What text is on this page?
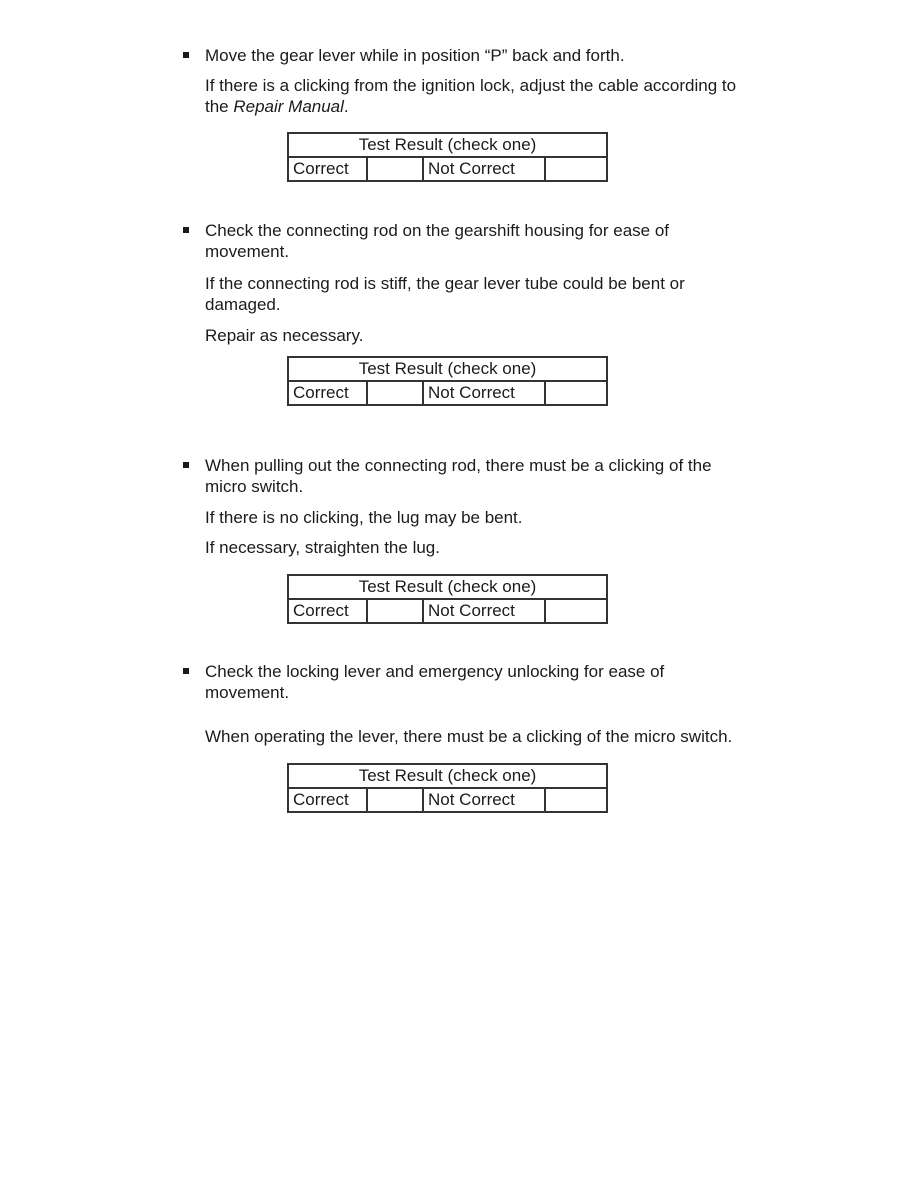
Move the gear lever while in position “P” back and forth.
If there is a clicking from the ignition lock, adjust the cable according to the Repair Manual.
Test Result (check one)
Correct		Not Correct	
Check the connecting rod on the gearshift housing for ease of movement.
If the connecting rod is stiff, the gear lever tube could be bent or damaged.
Repair as necessary.
Test Result (check one)
Correct		Not Correct	
When pulling out the connecting rod, there must be a clicking of the micro switch.
If there is no clicking, the lug may be bent.
If necessary, straighten the lug.
Test Result (check one)
Correct		Not Correct	
Check the locking lever and emergency unlocking for ease of movement.
When operating the lever, there must be a clicking of the micro switch.
Test Result (check one)
Correct		Not Correct	
